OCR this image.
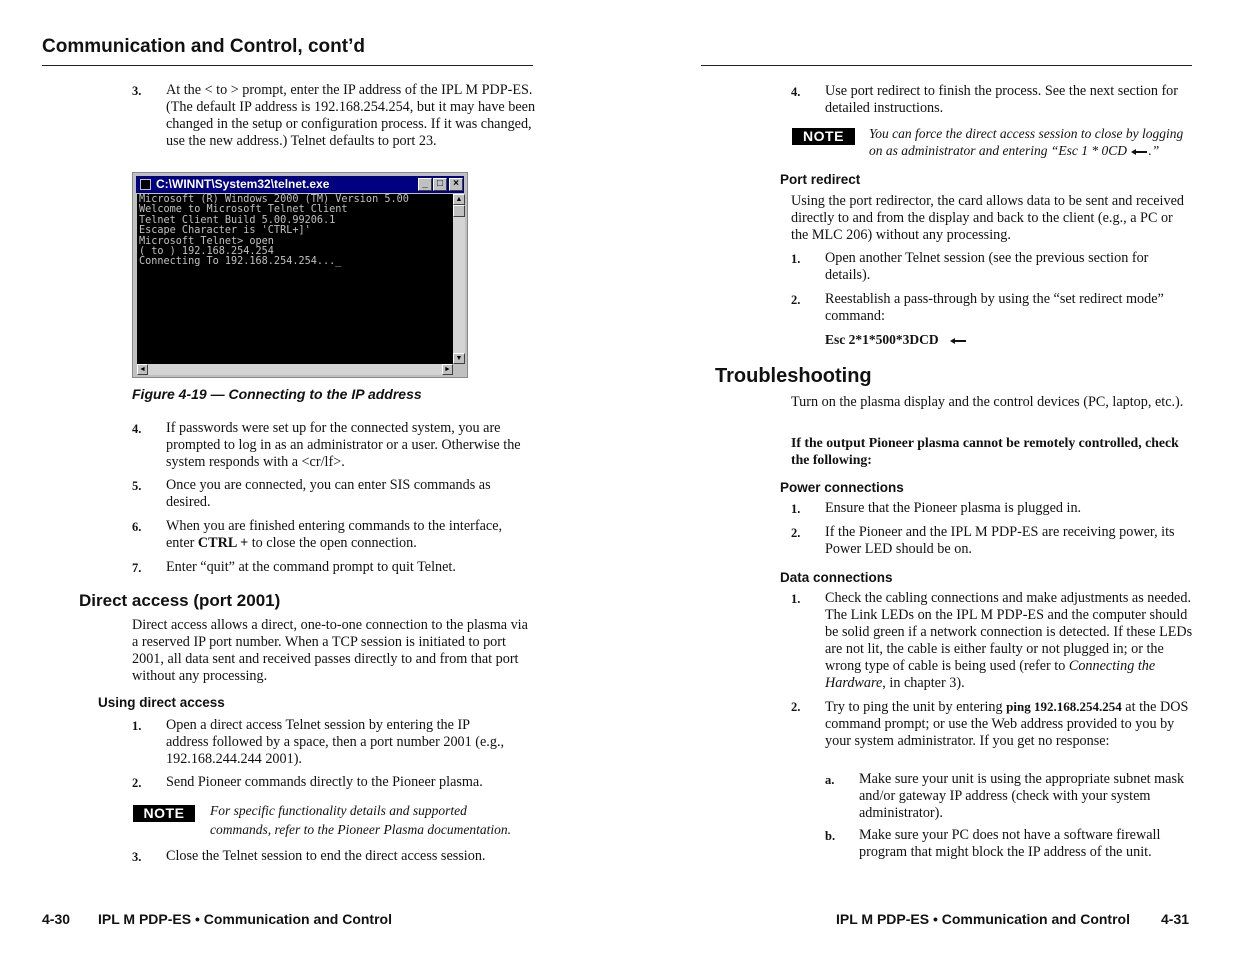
Communication and Control, cont’d
3. At the < to > prompt, enter the IP address of the IPL M PDP-ES. (The default IP address is 192.168.254.254, but it may have been changed in the setup or configuration process. If it was changed, use the new address.) Telnet defaults to port 23.
C:\WINNT\System32\telnet.exe	_ □	×
Microsoft (R) Windows 2000 (TM) Version 5.00
Welcome to Microsoft Telnet Client
Telnet Client Build 5.00.99206.1
Escape Character is 'CTRL+]'
Microsoft Telnet> open
( to ) 192.168.254.254
Connecting To 192.168.254.254..._
▲
▼
◄	►
Figure 4-19 — Connecting to the IP address
4. If passwords were set up for the connected system, you are prompted to log in as an administrator or a user. Otherwise the system responds with a <cr/lf>.
5. Once you are connected, you can enter SIS commands as desired.
6. When you are finished entering commands to the interface, enter CTRL + to close the open connection.
7. Enter “quit” at the command prompt to quit Telnet.
Direct access (port 2001)
Direct access allows a direct, one-to-one connection to the plasma via a reserved IP port number. When a TCP session is initiated to port 2001, all data sent and received passes directly to and from that port without any processing.
Using direct access
1. Open a direct access Telnet session by entering the IP address followed by a space, then a port number 2001 (e.g., 192.168.244.244 2001).
2. Send Pioneer commands directly to the Pioneer plasma.
NOTE	For specific functionality details and supported commands, refer to the Pioneer Plasma documentation.
3. Close the Telnet session to end the direct access session.
4-30 IPL M PDP-ES • Communication and Control
4. Use port redirect to finish the process. See the next section for detailed instructions.
NOTE	You can force the direct access session to close by logging on as administrator and entering “Esc 1 * 0CD .”
Port redirect
Using the port redirector, the card allows data to be sent and received directly to and from the display and back to the client (e.g., a PC or the MLC 206) without any processing.
1. Open another Telnet session (see the previous section for details).
2. Reestablish a pass-through by using the “set redirect mode” command:
Esc 2*1*500*3DCD
Troubleshooting
Turn on the plasma display and the control devices (PC, laptop, etc.).
If the output Pioneer plasma cannot be remotely controlled, check the following:
Power connections
1. Ensure that the Pioneer plasma is plugged in.
2. If the Pioneer and the IPL M PDP-ES are receiving power, its Power LED should be on.
Data connections
1. Check the cabling connections and make adjustments as needed. The Link LEDs on the IPL M PDP-ES and the computer should be solid green if a network connection is detected. If these LEDs are not lit, the cable is either faulty or not plugged in; or the wrong type of cable is being used (refer to Connecting the Hardware, in chapter 3).
2. Try to ping the unit by entering ping 192.168.254.254 at the DOS command prompt; or use the Web address provided to you by your system administrator. If you get no response:
a. Make sure your unit is using the appropriate subnet mask and/or gateway IP address (check with your system administrator).
b. Make sure your PC does not have a software firewall program that might block the IP address of the unit.
IPL M PDP-ES • Communication and Control 4-31
